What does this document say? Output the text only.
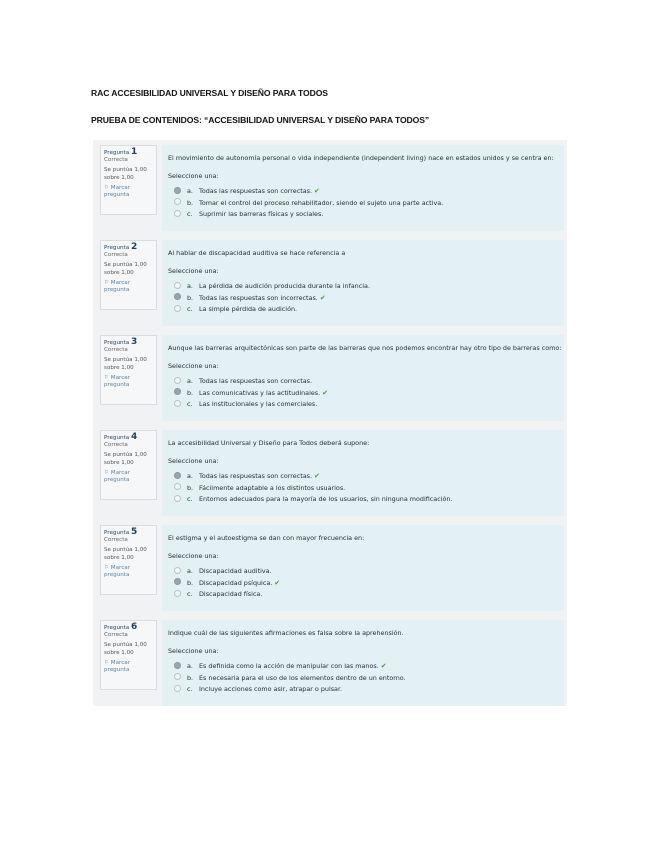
RAC ACCESIBILIDAD UNIVERSAL Y DISEÑO PARA TODOS
PRUEBA DE CONTENIDOS: “ACCESIBILIDAD UNIVERSAL Y DISEÑO PARA TODOS”
Pregunta 1
Correcta
Se puntúa 1,00 sobre 1,00
⚐ Marcar pregunta
El movimiento de autonomía personal o vida independiente (independent living) nace en estados unidos y se centra en:
Seleccione una:
a. Todas las respuestas son correctas. ✔
b. Tomar el control del proceso rehabilitador, siendo el sujeto una parte activa.
c. Suprimir las barreras físicas y sociales.
Pregunta 2
Correcta
Se puntúa 1,00 sobre 1,00
⚐ Marcar pregunta
Al hablar de discapacidad auditiva se hace referencia a
Seleccione una:
a. La pérdida de audición producida durante la infancia.
b. Todas las respuestas son incorrectas. ✔
c. La simple pérdida de audición.
Pregunta 3
Correcta
Se puntúa 1,00 sobre 1,00
⚐ Marcar pregunta
Aunque las barreras arquitectónicas son parte de las barreras que nos podemos encontrar hay otro tipo de barreras como:
Seleccione una:
a. Todas las respuestas son correctas.
b. Las comunicativas y las actitudinales. ✔
c. Las institucionales y las comerciales.
Pregunta 4
Correcta
Se puntúa 1,00 sobre 1,00
⚐ Marcar pregunta
La accesibilidad Universal y Diseño para Todos deberá supone:
Seleccione una:
a. Todas las respuestas son correctas. ✔
b. Fácilmente adaptable a los distintos usuarios.
c. Entornos adecuados para la mayoría de los usuarios, sin ninguna modificación.
Pregunta 5
Correcta
Se puntúa 1,00 sobre 1,00
⚐ Marcar pregunta
El estigma y el autoestigma se dan con mayor frecuencia en:
Seleccione una:
a. Discapacidad auditiva.
b. Discapacidad psíquica. ✔
c. Discapacidad física.
Pregunta 6
Correcta
Se puntúa 1,00 sobre 1,00
⚐ Marcar pregunta
Indique cuál de las siguientes afirmaciones es falsa sobre la aprehensión.
Seleccione una:
a. Es definida como la acción de manipular con las manos. ✔
b. Es necesaria para el uso de los elementos dentro de un entorno.
c. Incluye acciones como asir, atrapar o pulsar.
